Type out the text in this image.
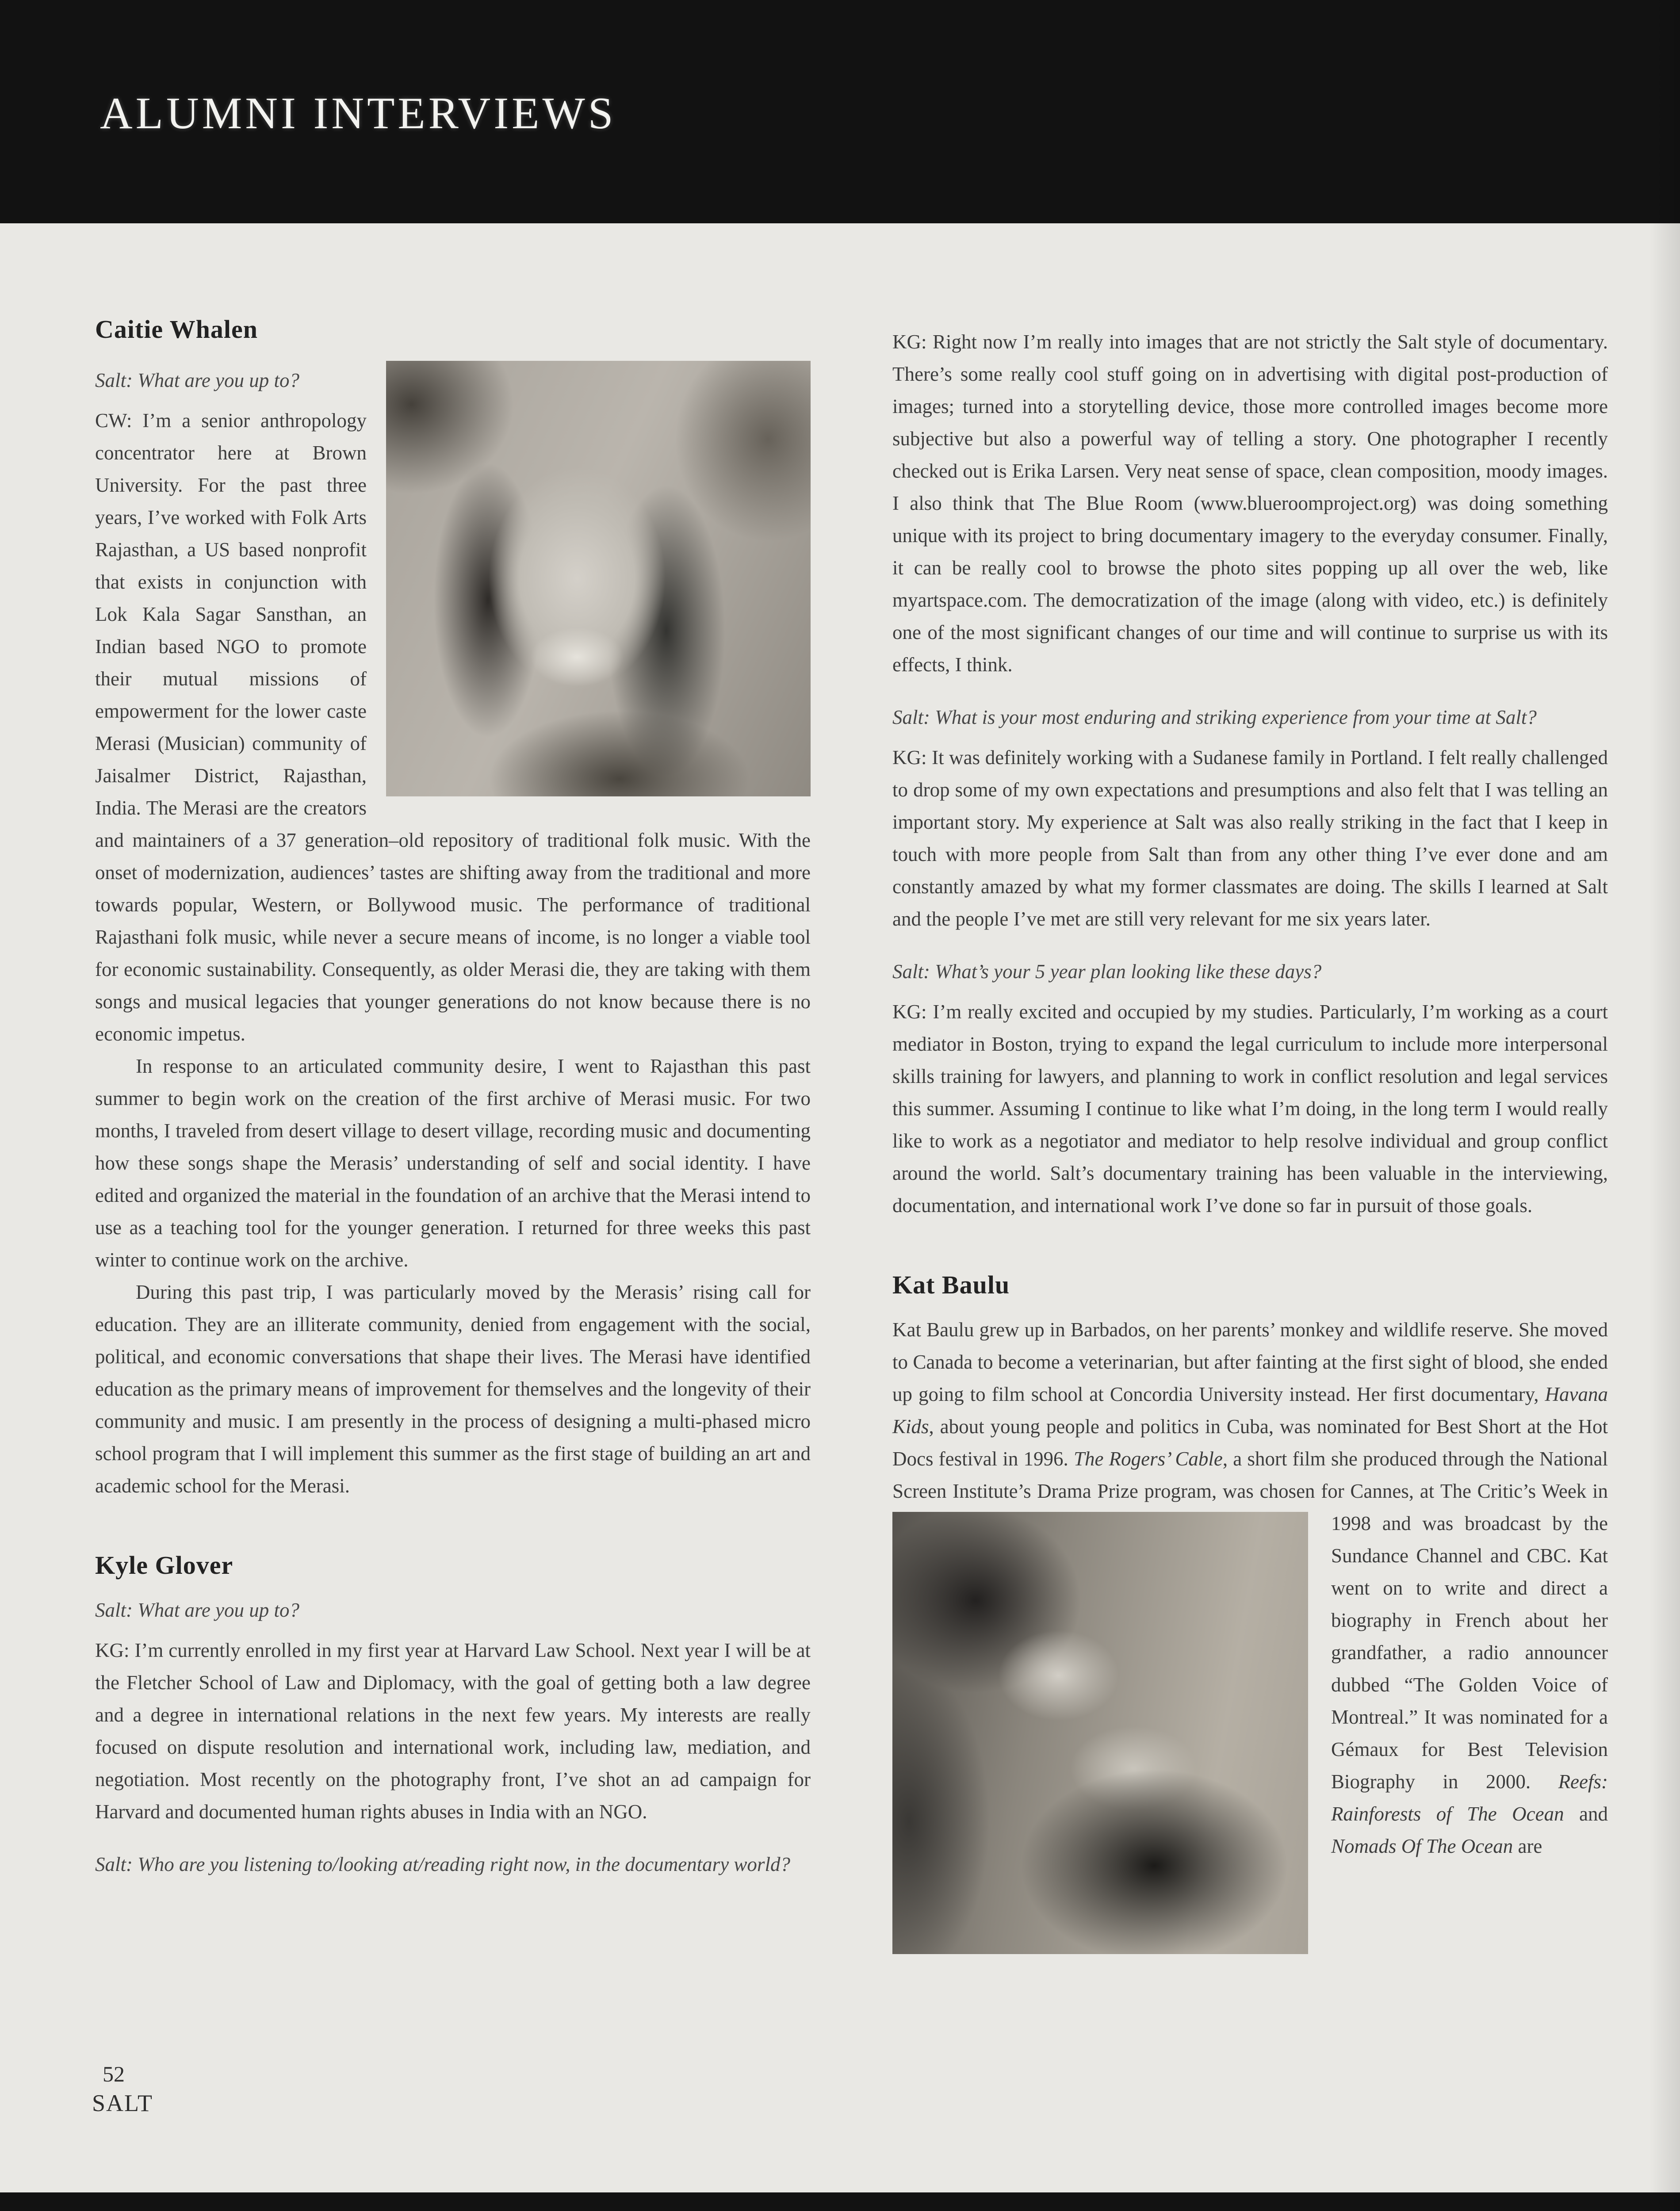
ALUMNI INTERVIEWS
Caitie Whalen

Salt: What are you up to?

CW: I’m a senior anthropology concentrator here at Brown University. For the past three years, I’ve worked with Folk Arts Rajasthan, a US based nonprofit that exists in conjunction with Lok Kala Sagar Sansthan, an Indian based NGO to promote their mutual missions of empowerment for the lower caste Merasi (Musician) community of Jaisalmer District, Rajasthan, India. The Merasi are the creators and maintainers of a 37 generation–old repository of traditional folk music. With the onset of modernization, audiences’ tastes are shifting away from the traditional and more towards popular, Western, or Bollywood music. The performance of traditional Rajasthani folk music, while never a secure means of income, is no longer a viable tool for economic sustainability. Consequently, as older Merasi die, they are taking with them songs and musical legacies that younger generations do not know because there is no economic impetus.

In response to an articulated community desire, I went to Rajasthan this past summer to begin work on the creation of the first archive of Merasi music. For two months, I traveled from desert village to desert village, recording music and documenting how these songs shape the Merasis’ understanding of self and social identity. I have edited and organized the material in the foundation of an archive that the Merasi intend to use as a teaching tool for the younger generation. I returned for three weeks this past winter to continue work on the archive.

During this past trip, I was particularly moved by the Merasis’ rising call for education. They are an illiterate community, denied from engagement with the social, political, and economic conversations that shape their lives. The Merasi have identified education as the primary means of improvement for themselves and the longevity of their community and music. I am presently in the process of designing a multi-phased micro school program that I will implement this summer as the first stage of building an art and academic school for the Merasi.

Kyle Glover

Salt: What are you up to?

KG: I’m currently enrolled in my first year at Harvard Law School. Next year I will be at the Fletcher School of Law and Diplomacy, with the goal of getting both a law degree and a degree in international relations in the next few years. My interests are really focused on dispute resolution and international work, including law, mediation, and negotiation. Most recently on the photography front, I’ve shot an ad campaign for Harvard and documented human rights abuses in India with an NGO.

Salt: Who are you listening to/looking at/reading right now, in the documentary world?

KG: Right now I’m really into images that are not strictly the Salt style of documentary. There’s some really cool stuff going on in advertising with digital post-production of images; turned into a storytelling device, those more controlled images become more subjective but also a powerful way of telling a story. One photographer I recently checked out is Erika Larsen. Very neat sense of space, clean composition, moody images. I also think that The Blue Room (www.blueroomproject.org) was doing something unique with its project to bring documentary imagery to the everyday consumer. Finally, it can be really cool to browse the photo sites popping up all over the web, like myartspace.com. The democratization of the image (along with video, etc.) is definitely one of the most significant changes of our time and will continue to surprise us with its effects, I think.

Salt: What is your most enduring and striking experience from your time at Salt?

KG: It was definitely working with a Sudanese family in Portland. I felt really challenged to drop some of my own expectations and presumptions and also felt that I was telling an important story. My experience at Salt was also really striking in the fact that I keep in touch with more people from Salt than from any other thing I’ve ever done and am constantly amazed by what my former classmates are doing. The skills I learned at Salt and the people I’ve met are still very relevant for me six years later.

Salt: What’s your 5 year plan looking like these days?

KG: I’m really excited and occupied by my studies. Particularly, I’m working as a court mediator in Boston, trying to expand the legal curriculum to include more interpersonal skills training for lawyers, and planning to work in conflict resolution and legal services this summer. Assuming I continue to like what I’m doing, in the long term I would really like to work as a negotiator and mediator to help resolve individual and group conflict around the world. Salt’s documentary training has been valuable in the interviewing, documentation, and international work I’ve done so far in pursuit of those goals.

Kat Baulu

Kat Baulu grew up in Barbados, on her parents’ monkey and wildlife reserve. She moved to Canada to become a veterinarian, but after fainting at the first sight of blood, she ended up going to film school at Concordia University instead. Her first documentary, Havana Kids, about young people and politics in Cuba, was nominated for Best Short at the Hot Docs festival in 1996. The Rogers’ Cable, a short film she produced through the National Screen Institute’s Drama Prize program, was chosen for Cannes, at
The Critic’s Week in 1998 and was broadcast by the Sundance Channel and CBC. Kat went on to write and direct a biography in French about her grandfather, a radio announcer dubbed “The Golden Voice of Montreal.” It was nominated for a Gémaux for Best Television Biography in 2000. Reefs: Rainforests of The Ocean and Nomads Of The Ocean are

52
SALT
